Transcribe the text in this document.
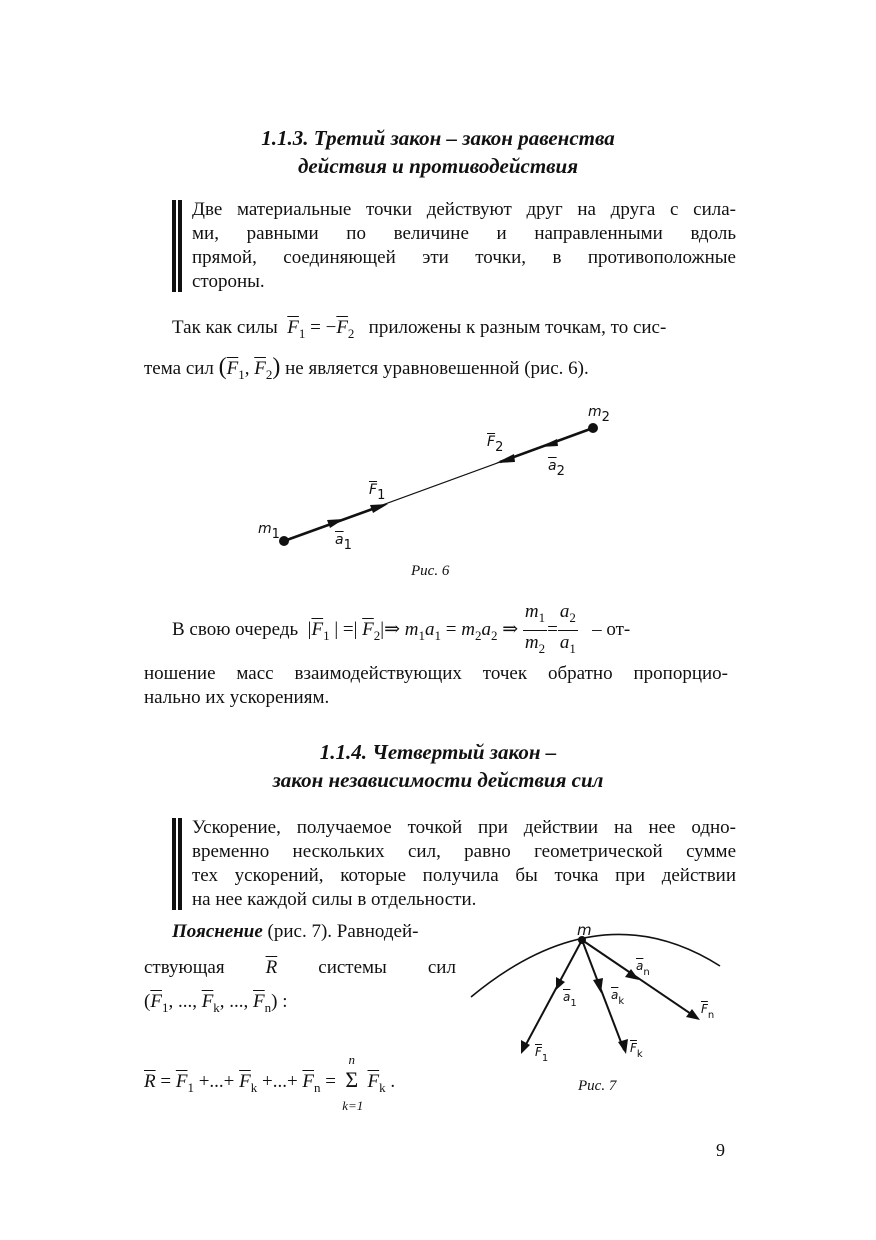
1.1.3. Третий закон – закон равенства
действия и противодействия
Две материальные точки действуют друг на друга с сила-
ми, равными по величине и направленными вдоль
прямой, соединяющей эти точки, в противоположные
стороны.
Так как силы $\overline{F}_1 = -\overline{F}_2$ приложены к разным точкам, то сис-
тема сил ($\overline{F}_1$, $\overline{F}_2$) не является уравновешенной (рис. 6).
m1
m2
$\overline{F}1$
$\overline{F}2$
$\overline{a}1$
$\overline{a}2$
Рис. 6
В свою очередь $|\overline{F}_1$ | =| $\overline{F}_2|\Rightarrow$ $m_1a_1 = m_2a_2$ ⇒ $\frac{m_1}{m_2} = \frac{a_2}{a_1} - от-$
ношение масс взаимодействующих точек обратно пропорцио-
нально их ускорениям.
1.1.4. Четвертый закон –
закон независимости действия сил
Ускорение, получаемое точкой при действии на нее одно-
временно нескольких сил, равно геометрической сумме
тех ускорений, которые получила бы точка при действии
на нее каждой силы в отдельности.
Пояснение (рис. 7). Равнодей-
ствующая $\overline{R}$ системы сил
($\overline{F}_1$, ..., $\overline{F}_k$, ..., $\overline{F}_n$) :
$\overline{R} = \overline{F}_1$ +...+ $\overline{F}_k$ +...+ $\overline{F}_n$ =
n
Σ
k=1
$\overline{F}_k$ .
m
$\overline{a}_1$
$\overline{a}_k$
$\overline{a}_n$
$\overline{F}_1$
$\overline{F}_k$
$\overline{F}_n$
Рис. 7
9
